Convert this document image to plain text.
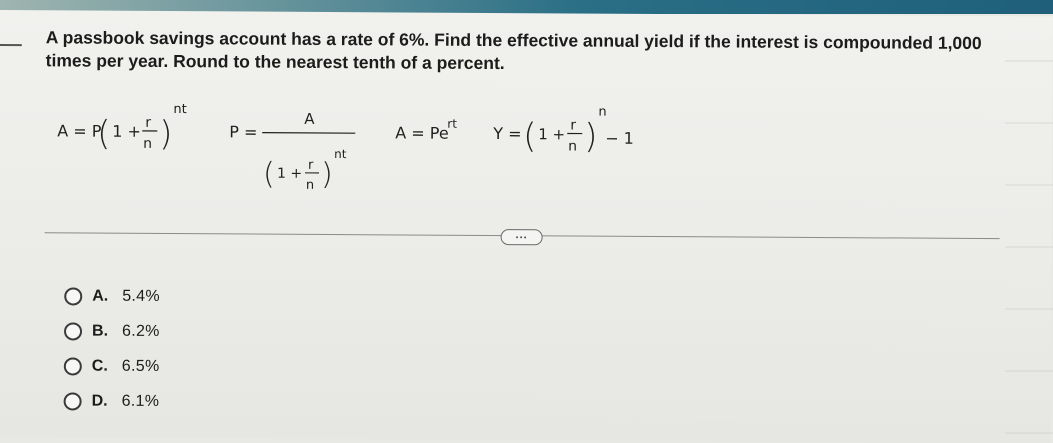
A passbook savings account has a rate of 6%. Find the effective annual yield if the interest is compounded 1,000 times per year. Round to the nearest tenth of a percent.
A = P
( 1 + r
n )
nt
P =
A
( 1 +
r
n )
nt
A = Pe
rt
Y = ( 1 + r
n )
n
− 1
...
A. 5.4%
B. 6.2%
C. 6.5%
D. 6.1%
